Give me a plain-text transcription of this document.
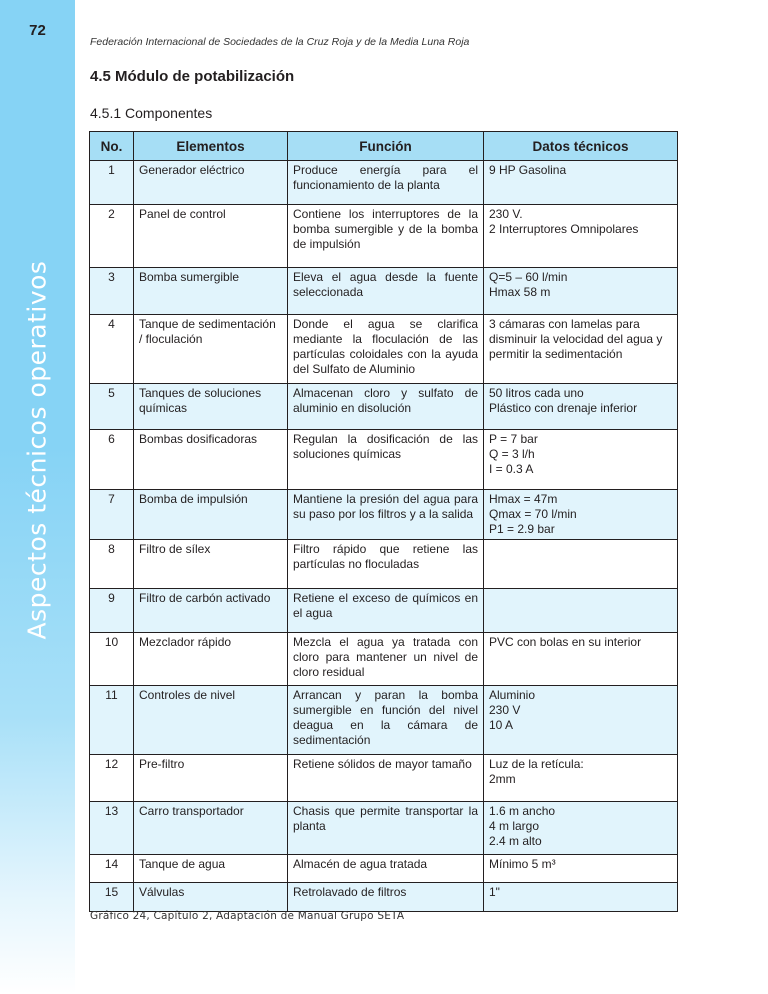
72
Aspectos técnicos operativos
Federación Internacional de Sociedades de la Cruz Roja y de la Media Luna Roja
4.5 Módulo de potabilización
4.5.1 Componentes
No.	Elementos	Función	Datos técnicos
1	Generador eléctrico	Produce energía para el funcionamiento de la planta	9 HP Gasolina

2	Panel de control	Contiene los interruptores de la bomba sumergible y de la bomba de impulsión	230 V.
2 Interruptores Omnipolares

3	Bomba sumergible	Eleva el agua desde la fuente seleccionada	Q=5 – 60 l/min
Hmax 58 m

4	Tanque de sedimentación / floculación	Donde el agua se clarifica mediante la floculación de las partículas coloidales con la ayuda del Sulfato de Aluminio	3 cámaras con lamelas para disminuir la velocidad del agua y permitir la sedimentación

5	Tanques de soluciones químicas	Almacenan cloro y sulfato de aluminio en disolución	50 litros cada uno
Plástico con drenaje inferior

6	Bombas dosificadoras	Regulan la dosificación de las soluciones químicas	P = 7 bar
Q = 3 l/h
I = 0.3 A

7	Bomba de impulsión	Mantiene la presión del agua para su paso por los filtros y a la salida	Hmax = 47m
Qmax = 70 l/min
P1 = 2.9 bar

8	Filtro de sílex	Filtro rápido que retiene las partículas no floculadas	
9	Filtro de carbón activado	Retiene el exceso de químicos en el agua	
10	Mezclador rápido	Mezcla el agua ya tratada con cloro para mantener un nivel de cloro residual	PVC con bolas en su interior

11	Controles de nivel	Arrancan y paran la bomba sumergible en función del nivel deagua en la cámara de sedimentación	Aluminio
230 V
10 A

12	Pre-filtro	Retiene sólidos de mayor tamaño	Luz de la retícula:
2mm

13	Carro transportador	Chasis que permite transportar la planta	1.6 m ancho
4 m largo
2.4 m alto

14	Tanque de agua	Almacén de agua tratada	Mínimo 5 m³

15	Válvulas	Retrolavado de filtros	1"
Gráfico 24, Capítulo 2, Adaptación de Manual Grupo SETA
